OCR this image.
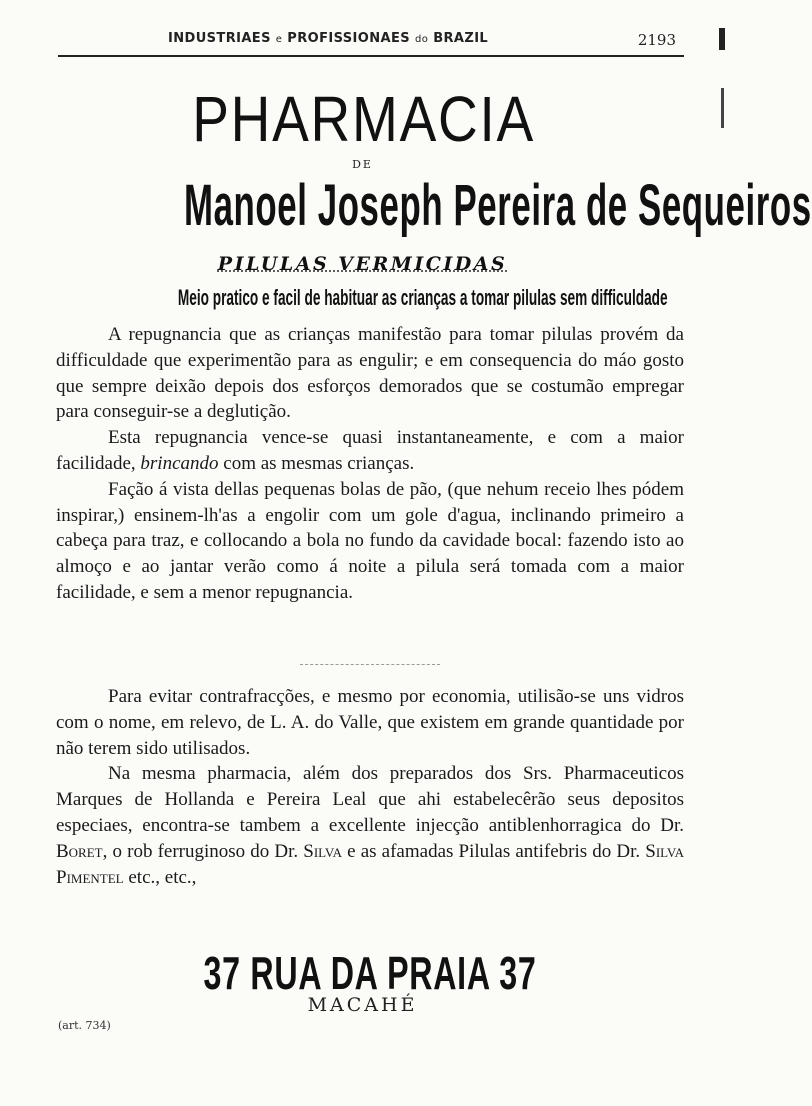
INDUSTRIAES e PROFISSIONAES do BRAZIL	2193
PHARMACIA
DE
Manoel Joseph Pereira de Sequeiros
PILULAS VERMICIDAS
Meio pratico e facil de habituar as crianças a tomar pilulas sem difficuldade

A repugnancia que as crianças manifestão para tomar pilulas provém da difficuldade que experimentão para as engulir; e em consequencia do máo gosto que sempre deixão depois dos esforços demorados que se costumão empregar para conseguir-se a deglutição.

Esta repugnancia vence-se quasi instantaneamente, e com a maior facilidade, brincando com as mesmas crianças.

Fação á vista dellas pequenas bolas de pão, (que nehum receio lhes pódem inspirar,) ensinem-lh'as a engolir com um gole d'agua, inclinando primeiro a cabeça para traz, e collocando a bola no fundo da cavidade bocal: fazendo isto ao almoço e ao jantar verão como á noite a pilula será tomada com a maior facilidade, e sem a menor repugnancia.

Para evitar contrafracções, e mesmo por economia, utilisão-se uns vidros com o nome, em relevo, de L. A. do Valle, que existem em grande quantidade por não terem sido utilisados.

Na mesma pharmacia, além dos preparados dos Srs. Pharmaceuticos Marques de Hollanda e Pereira Leal que ahi estabelecêrão seus depositos especiaes, encontra-se tambem a excellente injecção antiblenhorragica do Dr. Boret, o rob ferruginoso do Dr. Silva e as afamadas Pilulas antifebris do Dr. Silva Pimentel etc., etc.,

37 RUA DA PRAIA 37
MACAHÉ
(art. 734)
